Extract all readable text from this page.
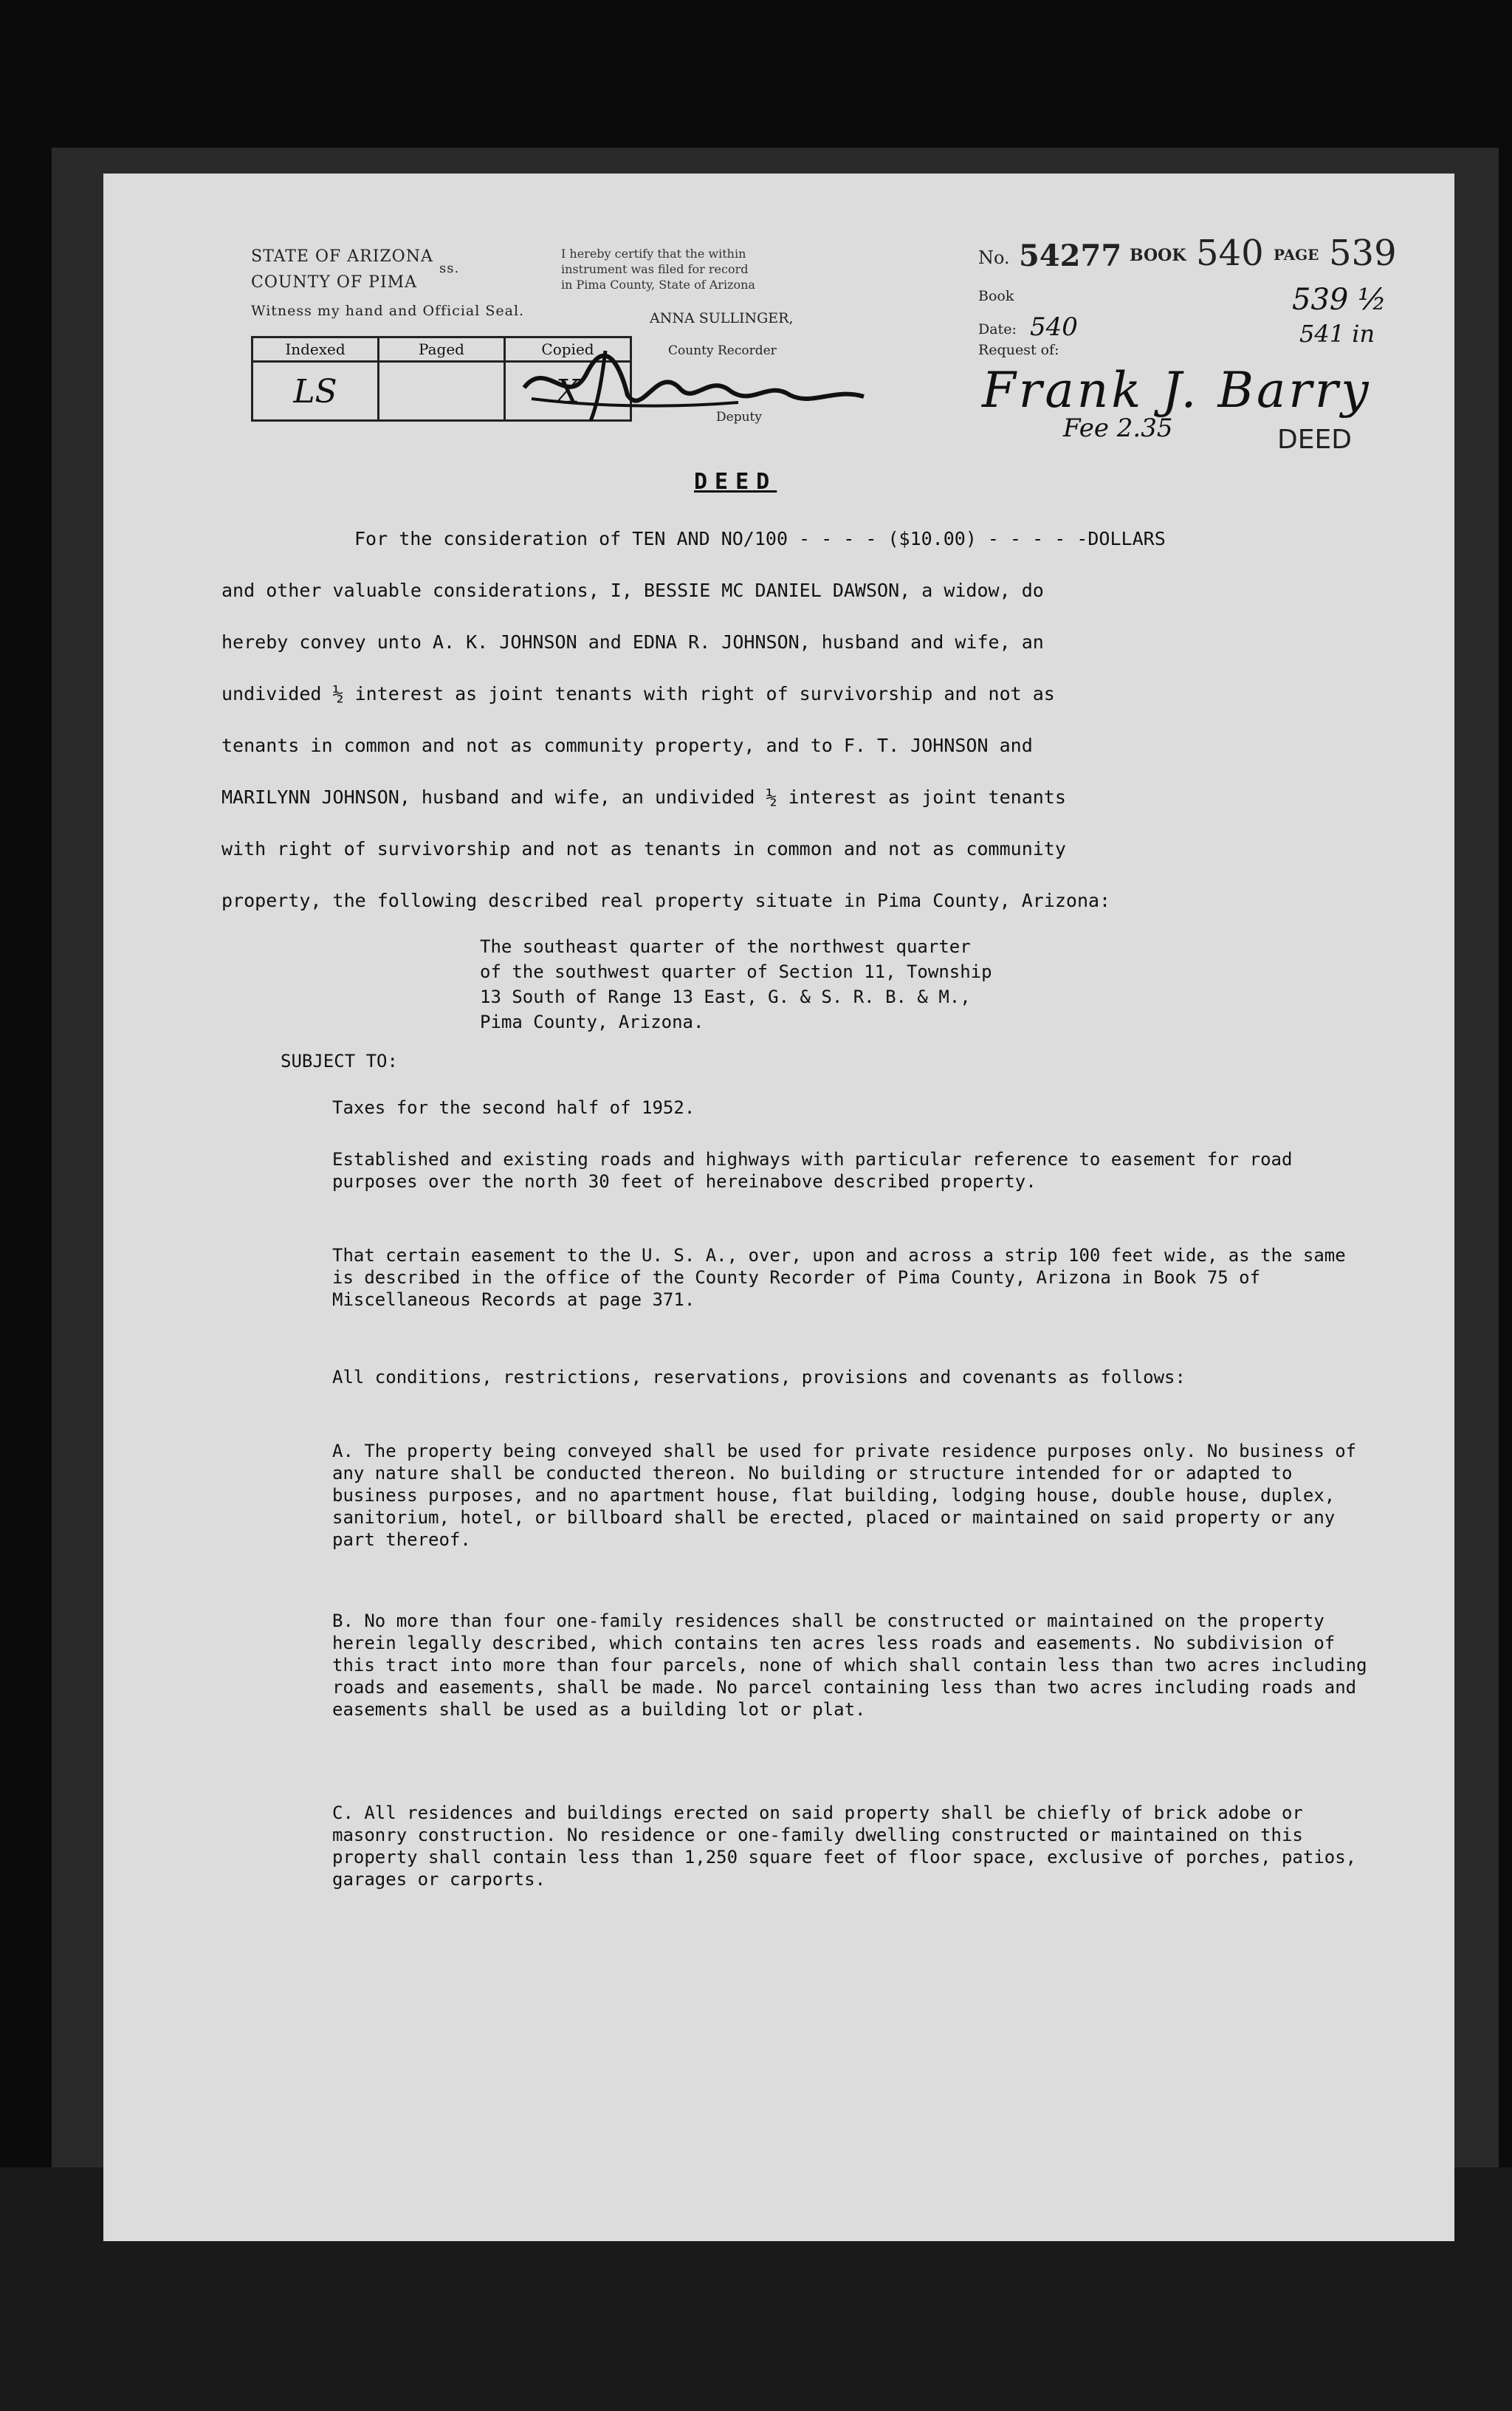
STATE OF ARIZONA
COUNTY OF PIMA
ss.
Witness my hand and Official Seal.
I hereby certify that the within
instrument was filed for record
in Pima County, State of Arizona
ANNA SULLINGER,
County Recorder
Deputy
Indexed
LS
Paged	Copied
X
No. 54277 BOOK 540 PAGE 539
Book
Date: 540
Request of:
539 ½
541 in
Frank J. Barry
Fee 2.35	DEED
DEED
For the consideration of TEN AND NO/100 - - - - ($10.00) - - - - -DOLLARS
and other valuable considerations, I, BESSIE MC DANIEL DAWSON, a widow, do
hereby convey unto A. K. JOHNSON and EDNA R. JOHNSON, husband and wife, an
undivided ½ interest as joint tenants with right of survivorship and not as
tenants in common and not as community property, and to F. T. JOHNSON and
MARILYNN JOHNSON, husband and wife, an undivided ½ interest as joint tenants
with right of survivorship and not as tenants in common and not as community
property, the following described real property situate in Pima County, Arizona:
The southeast quarter of the northwest quarter
of the southwest quarter of Section 11, Township
13 South of Range 13 East, G. & S. R. B. & M.,
Pima County, Arizona.
SUBJECT TO:
Taxes for the second half of 1952.
Established and existing roads and highways with particular reference to easement for road purposes over the north 30 feet of hereinabove described property.
That certain easement to the U. S. A., over, upon and across a strip 100 feet wide, as the same is described in the office of the County Recorder of Pima County, Arizona in Book 75 of Miscellaneous Records at page 371.
All conditions, restrictions, reservations, provisions and covenants as follows:
A. The property being conveyed shall be used for private residence purposes only. No business of any nature shall be conducted thereon. No building or structure intended for or adapted to business purposes, and no apartment house, flat building, lodging house, double house, duplex, sanitorium, hotel, or billboard shall be erected, placed or maintained on said property or any part thereof.
B. No more than four one-family residences shall be constructed or maintained on the property herein legally described, which contains ten acres less roads and easements. No subdivision of this tract into more than four parcels, none of which shall contain less than two acres including roads and easements, shall be made. No parcel containing less than two acres including roads and easements shall be used as a building lot or plat.
C. All residences and buildings erected on said property shall be chiefly of brick adobe or masonry construction. No residence or one-family dwelling constructed or maintained on this property shall contain less than 1,250 square feet of floor space, exclusive of porches, patios, garages or carports.
